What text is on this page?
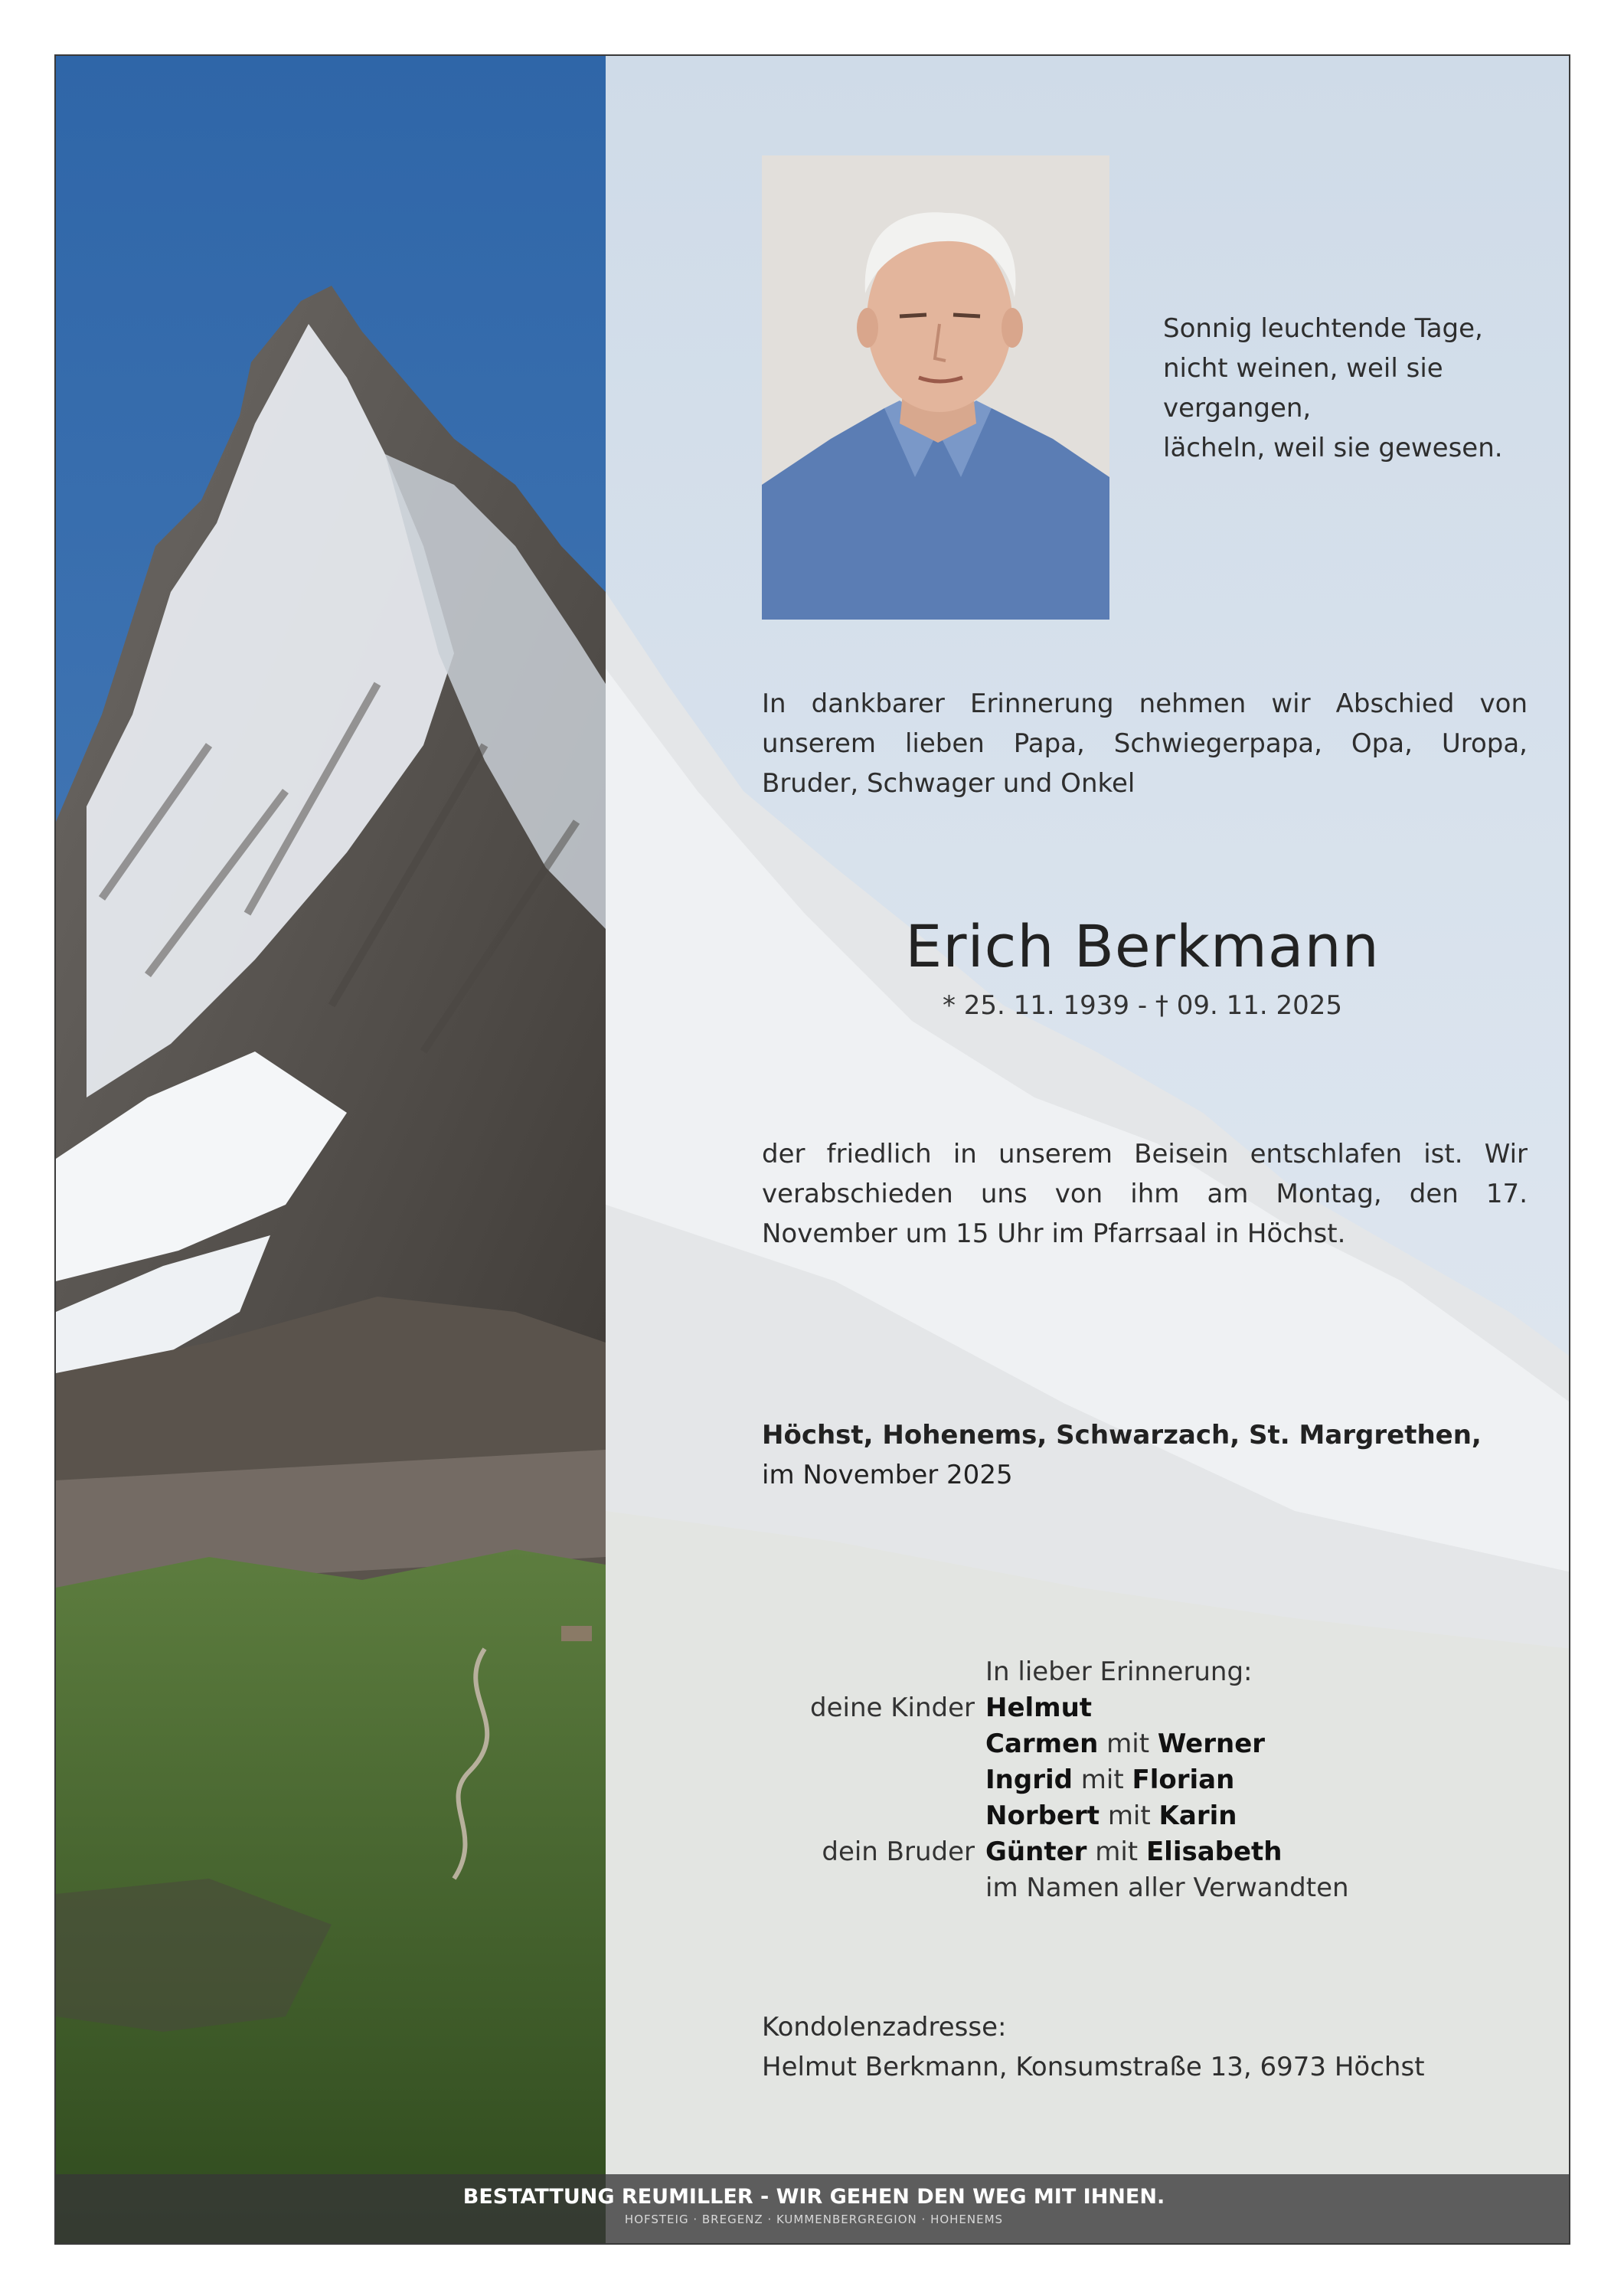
Sonnig leuchtende Tage,
nicht weinen, weil sie
vergangen,
lächeln, weil sie gewesen.
In dankbarer Erinnerung nehmen wir Abschied von unserem lieben Papa, Schwiegerpapa, Opa, Uropa, Bruder, Schwager und Onkel
Erich Berkmann
* 25. 11. 1939 - † 09. 11. 2025
der friedlich in unserem Beisein entschlafen ist. Wir verabschieden uns von ihm am Montag, den 17. November um 15 Uhr im Pfarrsaal in Höchst.
Höchst, Hohenems, Schwarzach, St. Margrethen,
im November 2025
In lieber Erinnerung:
deine Kinder Helmut
Carmen mit Werner
Ingrid mit Florian
Norbert mit Karin
dein Bruder Günter mit Elisabeth
im Namen aller Verwandten
Kondolenzadresse:
Helmut Berkmann, Konsumstraße 13, 6973 Höchst
BESTATTUNG REUMILLER - WIR GEHEN DEN WEG MIT IHNEN.
HOFSTEIG · BREGENZ · KUMMENBERGREGION · HOHENEMS
